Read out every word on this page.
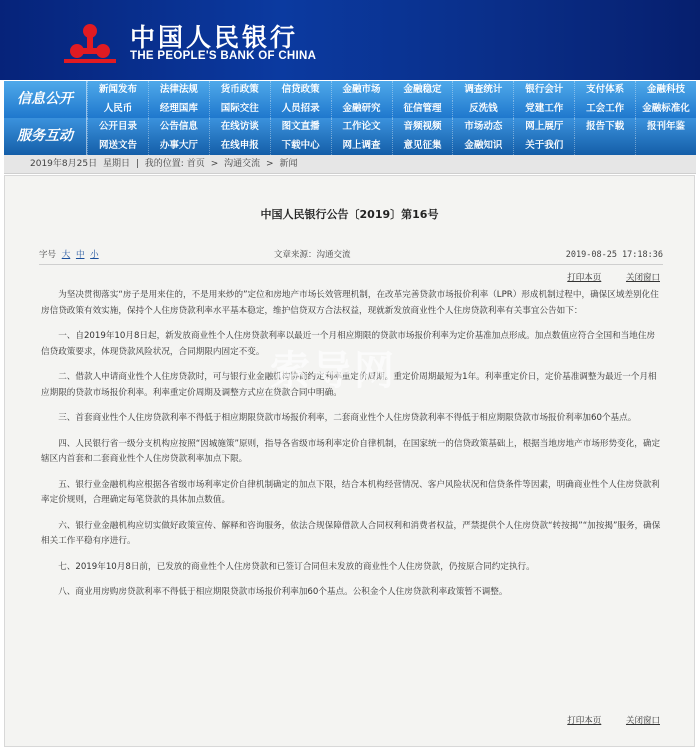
中国人民银行
THE PEOPLE'S BANK OF CHINA
信息公开
新闻发布	法律法规	货币政策	信贷政策	金融市场	金融稳定	调查统计	银行会计	支付体系	金融科技
人民币	经理国库	国际交往	人员招录	金融研究	征信管理	反洗钱	党建工作	工会工作	金融标准化
服务互动
公开目录	公告信息	在线访谈	图文直播	工作论文	音频视频	市场动态	网上展厅	报告下载	报刊年鉴
网送文告	办事大厅	在线申报	下载中心	网上调查	意见征集	金融知识	关于我们
2019年8月25日 星期日 | 我的位置: 首页 > 沟通交流 > 新闻
中国人民银行公告〔2019〕第16号
字号 大 中 小	文章来源：沟通交流	2019-08-25 17:18:36
打印本页	关闭窗口

为坚决贯彻落实“房子是用来住的，不是用来炒的”定位和房地产市场长效管理机制，在改革完善贷款市场报价利率（LPR）形成机制过程中，确保区域差别化住房信贷政策有效实施，保持个人住房贷款利率水平基本稳定，维护信贷双方合法权益，现就新发放商业性个人住房贷款利率有关事宜公告如下：

一、自2019年10月8日起，新发放商业性个人住房贷款利率以最近一个月相应期限的贷款市场报价利率为定价基准加点形成。加点数值应符合全国和当地住房信贷政策要求，体现贷款风险状况，合同期限内固定不变。

二、借款人申请商业性个人住房贷款时，可与银行业金融机构协商约定利率重定价周期。重定价周期最短为1年。利率重定价日，定价基准调整为最近一个月相应期限的贷款市场报价利率。利率重定价周期及调整方式应在贷款合同中明确。

三、首套商业性个人住房贷款利率不得低于相应期限贷款市场报价利率，二套商业性个人住房贷款利率不得低于相应期限贷款市场报价利率加60个基点。

四、人民银行省一级分支机构应按照“因城施策”原则，指导各省级市场利率定价自律机制，在国家统一的信贷政策基础上，根据当地房地产市场形势变化，确定辖区内首套和二套商业性个人住房贷款利率加点下限。

五、银行业金融机构应根据各省级市场利率定价自律机制确定的加点下限，结合本机构经营情况、客户风险状况和信贷条件等因素，明确商业性个人住房贷款利率定价规则，合理确定每笔贷款的具体加点数值。

六、银行业金融机构应切实做好政策宣传、解释和咨询服务，依法合规保障借款人合同权利和消费者权益，严禁提供个人住房贷款“转按揭”“加按揭”服务，确保相关工作平稳有序进行。

七、2019年10月8日前，已发放的商业性个人住房贷款和已签订合同但未发放的商业性个人住房贷款，仍按原合同约定执行。

八、商业用房购房贷款利率不得低于相应期限贷款市场报价利率加60个基点。公积金个人住房贷款利率政策暂不调整。

索导网
打印本页	关闭窗口
